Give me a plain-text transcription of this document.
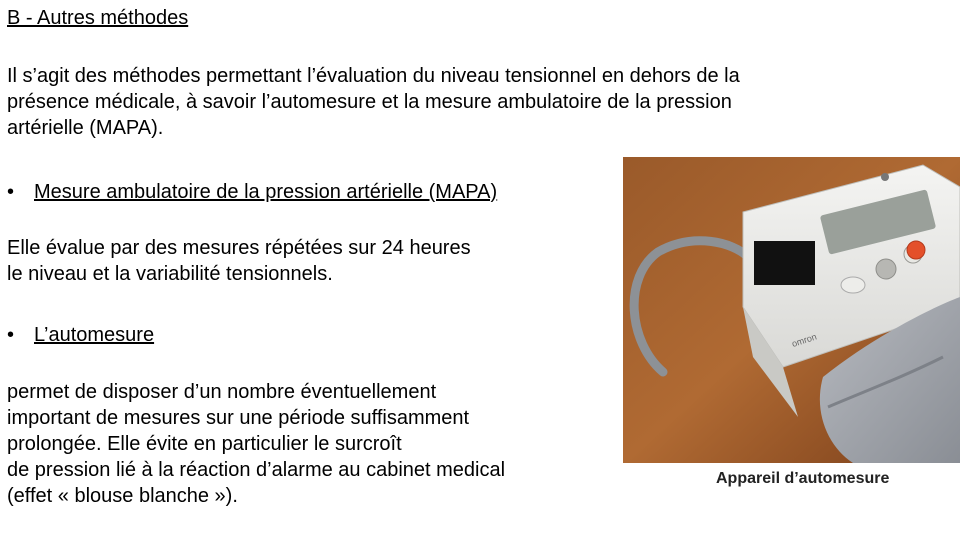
B - Autres méthodes
Il s’agit des méthodes permettant l’évaluation du niveau tensionnel en dehors de la
présence médicale, à savoir l’automesure et la mesure ambulatoire de la pression
artérielle (MAPA).
• Mesure ambulatoire de la pression artérielle (MAPA)
Elle évalue par des mesures répétées sur 24 heures
le niveau et la variabilité tensionnels.
• L’automesure
permet de disposer d’un nombre éventuellement
important de mesures sur une période suffisamment
prolongée. Elle évite en particulier le surcroît
de pression lié à la réaction d’alarme au cabinet medical
(effet « blouse blanche »).
omron
Appareil d’automesure
